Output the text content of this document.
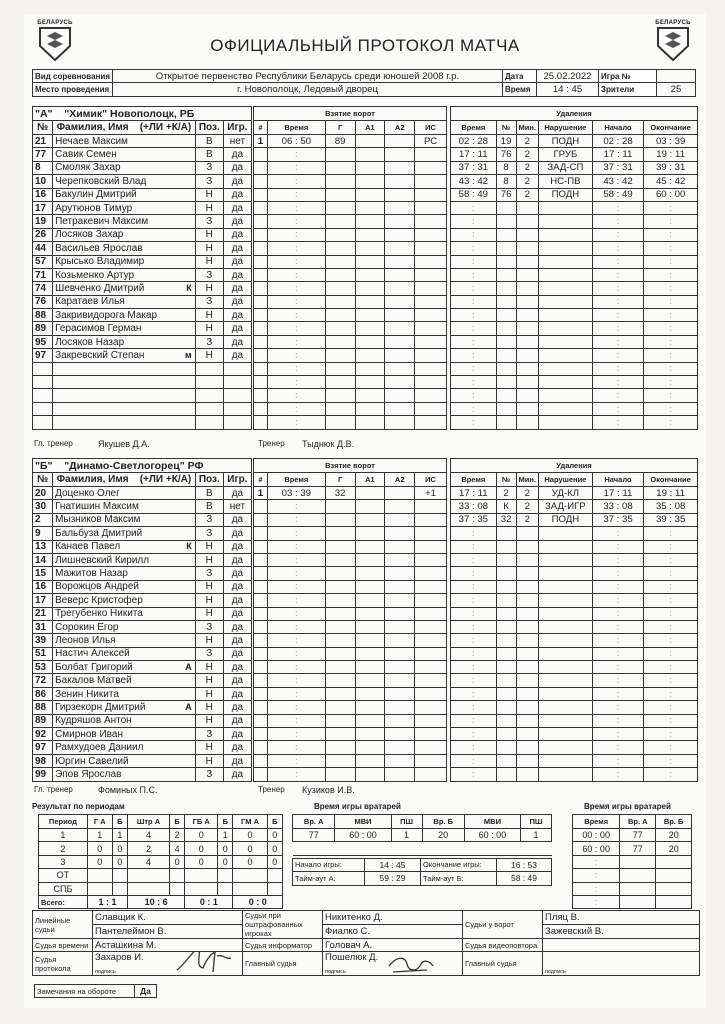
БЕЛАРУСЬ	БЕЛАРУСЬ
ОФИЦИАЛЬНЫЙ ПРОТОКОЛ МАТЧА
Вид соревнования	Открытое первенство Республики Беларусь среди юношей 2008 г.р.	Дата	25.02.2022	Игра №	
Место проведения	г. Новополоцк, Ледовый дворец	Время	14 : 45	Зрители	25
"А" "Химик" Новополоцк, РБ			
№	Фамилия, Имя (+ЛИ +К/А)	Поз.	Игр.
21	Нечаев Максим	В	нет
77	Савик Семен	В	да
8	Смоляк Захар	З	да
10	Черепковский Влад	З	да
16	Бакулин Дмитрий	Н	да
17	Арутюнов Тимур	Н	да
19	Петракевич Максим	З	да
26	Лосяков Захар	Н	да
44	Васильев Ярослав	Н	да
57	Крысько Владимир	Н	да
71	Козьменко Артур	З	да
74	Шевченко Дмитрий К	Н	да
76	Каратаев Илья	З	да
88	Закривидорога Макар	Н	да
89	Герасимов Герман	Н	да
95	Лосяков Назар	З	да
97	Закревский Степан м	Н	да

Взятие ворот					
#	Время	Г	А1	А2	ИС
1	06 : 50	89			РС
	:				
	:				
	:				
	:				
	:				
	:				
	:				
	:				
	:				
	:				
	:				
	:				
	:				
	:				
	:				
	:				
	:				
	:				
	:				
	:				
	:				
Удаления					
Время	№	Мин.	Нарушение	Начало	Окончание
02 : 28	19	2	ПОДН	02 : 28	03 : 39
17 : 11	76	2	ГРУБ	17 : 11	19 : 11
37 : 31	8	2	ЗАД-СП	37 : 31	39 : 31
43 : 42	8	2	НС-ПВ	43 : 42	45 : 42
58 : 49	76	2	ПОДН	58 : 49	60 : 00
:				:	:
:				:	:
:				:	:
:				:	:
:				:	:
:				:	:
:				:	:
:				:	:
:				:	:
:				:	:
:				:	:
:				:	:
:				:	:
:				:	:
:				:	:
:				:	:
:				:	:
Гл. тренер	Якушев Д.А.	Тренер Тыднюк Д.В.
"Б" "Динамо-Светлогорец" РФ			
№	Фамилия, Имя (+ЛИ +К/А)	Поз.	Игр.
20	Доценко Олег	В	да
30	Гнатишин Максим	В	нет
2	Мызников Максим	З	да
9	Бальбуза Дмитрий	З	да
13	Канаев Павел К	Н	да
14	Лишневский Кирилл	Н	да
15	Мажитов Назар	З	да
16	Ворожцов Андрей	Н	да
17	Веверс Кристофер	Н	да
21	Трегубенко Никита	Н	да
31	Сорокин Егор	З	да
39	Леонов Илья	Н	да
51	Настич Алексей	З	да
53	Болбат Григорий А	Н	да
72	Бакалов Матвей	Н	да
86	Зенин Никита	Н	да
88	Гирзекорн Дмитрий А	Н	да
89	Кудряшов Антон	Н	да
92	Смирнов Иван	З	да
97	Рамхудоев Даниил	Н	да
98	Юргин Савелий	Н	да
99	Эпов Ярослав	З	да
Взятие ворот					
#	Время	Г	А1	А2	ИС
1	03 : 39	32			+1
	:				
	:				
	:				
	:				
	:				
	:				
	:				
	:				
	:				
	:				
	:				
	:				
	:				
	:				
	:				
	:				
	:				
	:				
	:				
	:				
	:				
Удаления					
Время	№	Мин.	Нарушение	Начало	Окончание
17 : 11	2	2	УД-КЛ	17 : 11	19 : 11
33 : 08	К	2	ЗАД-ИГР	33 : 08	35 : 08
37 : 35	32	2	ПОДН	37 : 35	39 : 35
:				:	:
:				:	:
:				:	:
:				:	:
:				:	:
:				:	:
:				:	:
:				:	:
:				:	:
:				:	:
:				:	:
:				:	:
:				:	:
:				:	:
:				:	:
:				:	:
:				:	:
:				:	:
:				:	:
Гл. тренер	Фоминых П.С.	Тренер Кузиков И.В.
Результат по периодам
Период	Г А	Б	Штр А	Б	ГБ А	Б	ГМ А	Б
1	1	1	4	2	0	1	0	0
2	0	0	2	4	0	0	0	0
3	0	0	4	0	0	0	0	0
ОТ								
СПБ								
Всего:	1 : 1		10 : 6		0 : 1		0 : 0	
Время игры вратарей
Вр. А	МВИ	ПШ	Вр. Б	МВИ	ПШ
77	60 : 00	1	20	60 : 00	1

Начало игры:	14 : 45	Окончание игры:	16 : 53
Тайм-аут А:	59 : 29	Тайм-аут Б:	58 : 49
Время игры вратарей
Время	Вр. А	Вр. Б
00 : 00	77	20
60 : 00	77	20
:		
:		
:		
:		
Линейные судьи	Славщик К.	Судьи при оштрафованных игроках	Никитенко Д.	Судьи у ворот	Пляц В.
	Пантелеймон В.		Фиалко С.		Зажевский В.
Судья времени	Асташкина М.	Судья информатор	Головач А.	Судья видеоповтора	
Судья протокола	Захаров И.
подпись	Главный судья	Пошелюк Д.
подпись	Главный судья	подпись
Замечания на обороте	Да
